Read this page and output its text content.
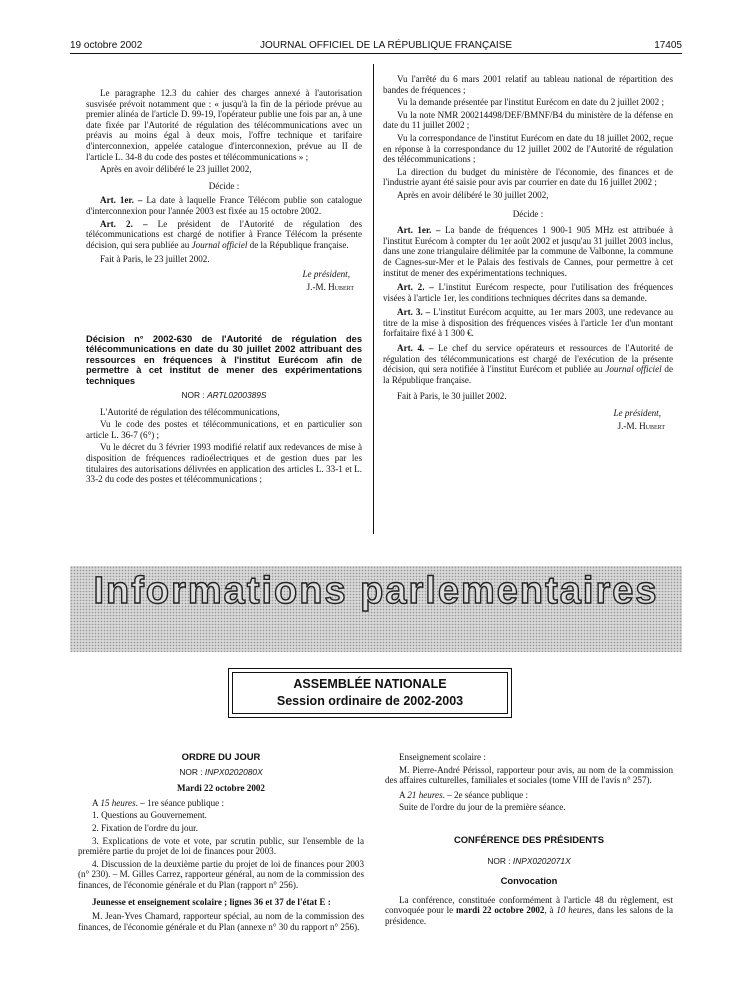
19 octobre 2002	JOURNAL OFFICIEL DE LA RÉPUBLIQUE FRANÇAISE	17405

Le paragraphe 12.3 du cahier des charges annexé à l'autorisation susvisée prévoit notamment que : « jusqu'à la fin de la période prévue au premier alinéa de l'article D. 99-19, l'opérateur publie une fois par an, à une date fixée par l'Autorité de régulation des télécommunications avec un préavis au moins égal à deux mois, l'offre technique et tarifaire d'interconnexion, appelée catalogue d'interconnexion, prévue au II de l'article L. 34-8 du code des postes et télécommunications » ;

Après en avoir délibéré le 23 juillet 2002,

Décide :

Art. 1er. – La date à laquelle France Télécom publie son catalogue d'interconnexion pour l'année 2003 est fixée au 15 octobre 2002.

Art. 2. – Le président de l'Autorité de régulation des télécommunications est chargé de notifier à France Télécom la présente décision, qui sera publiée au Journal officiel de la République française.

Fait à Paris, le 23 juillet 2002.

Le président,

J.-M. Hubert

Décision n° 2002-630 de l'Autorité de régulation des télécommunications en date du 30 juillet 2002 attribuant des ressources en fréquences à l'institut Eurécom afin de permettre à cet institut de mener des expérimentations techniques

NOR : ARTL0200389S

L'Autorité de régulation des télécommunications,

Vu le code des postes et télécommunications, et en particulier son article L. 36-7 (6°) ;

Vu le décret du 3 février 1993 modifié relatif aux redevances de mise à disposition de fréquences radioélectriques et de gestion dues par les titulaires des autorisations délivrées en application des articles L. 33-1 et L. 33-2 du code des postes et télécommunications ;

Vu l'arrêté du 6 mars 2001 relatif au tableau national de répartition des bandes de fréquences ;

Vu la demande présentée par l'institut Eurécom en date du 2 juillet 2002 ;

Vu la note NMR 200214498/DEF/BMNF/B4 du ministère de la défense en date du 11 juillet 2002 ;

Vu la correspondance de l'institut Eurécom en date du 18 juillet 2002, reçue en réponse à la correspondance du 12 juillet 2002 de l'Autorité de régulation des télécommunications ;

La direction du budget du ministère de l'économie, des finances et de l'industrie ayant été saisie pour avis par courrier en date du 16 juillet 2002 ;

Après en avoir délibéré le 30 juillet 2002,

Décide :

Art. 1er. – La bande de fréquences 1 900-1 905 MHz est attribuée à l'institut Eurécom à compter du 1er août 2002 et jusqu'au 31 juillet 2003 inclus, dans une zone triangulaire délimitée par la commune de Valbonne, la commune de Cagnes-sur-Mer et le Palais des festivals de Cannes, pour permettre à cet institut de mener des expérimentations techniques.

Art. 2. – L'institut Eurécom respecte, pour l'utilisation des fréquences visées à l'article 1er, les conditions techniques décrites dans sa demande.

Art. 3. – L'institut Eurécom acquitte, au 1er mars 2003, une redevance au titre de la mise à disposition des fréquences visées à l'article 1er d'un montant forfaitaire fixé à 1 300 €.

Art. 4. – Le chef du service opérateurs et ressources de l'Autorité de régulation des télécommunications est chargé de l'exécution de la présente décision, qui sera notifiée à l'institut Eurécom et publiée au Journal officiel de la République française.

Fait à Paris, le 30 juillet 2002.

Le président,

J.-M. Hubert

Informations parlementaires
ASSEMBLÉE NATIONALE
Session ordinaire de 2002-2003
ORDRE DU JOUR

NOR : INPX0202080X

Mardi 22 octobre 2002

A 15 heures. – 1re séance publique :

1. Questions au Gouvernement.

2. Fixation de l'ordre du jour.

3. Explications de vote et vote, par scrutin public, sur l'ensemble de la première partie du projet de loi de finances pour 2003.

4. Discussion de la deuxième partie du projet de loi de finances pour 2003 (n° 230). – M. Gilles Carrez, rapporteur général, au nom de la commission des finances, de l'économie générale et du Plan (rapport n° 256).

Jeunesse et enseignement scolaire ; lignes 36 et 37 de l'état E :

M. Jean-Yves Chamard, rapporteur spécial, au nom de la commission des finances, de l'économie générale et du Plan (annexe n° 30 du rapport n° 256).

Enseignement scolaire :

M. Pierre-André Périssol, rapporteur pour avis, au nom de la commission des affaires culturelles, familiales et sociales (tome VIII de l'avis n° 257).

A 21 heures. – 2e séance publique :

Suite de l'ordre du jour de la première séance.

CONFÉRENCE DES PRÉSIDENTS

NOR : INPX0202071X

Convocation

La conférence, constituée conformément à l'article 48 du règlement, est convoquée pour le mardi 22 octobre 2002, à 10 heures, dans les salons de la présidence.
